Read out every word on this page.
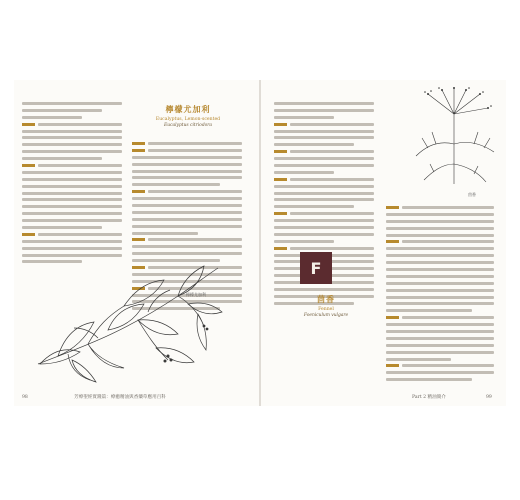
檸檬尤加利
Eucalyptus, Lemon-scented
Eucalyptus citriodora
檸檬尤加利
98	芳療聖經實踐篇：療癒精油與香藥草應用百科
F
茴香
Fennel
Foeniculum vulgare
茴香
Part 2 精油簡介	99
